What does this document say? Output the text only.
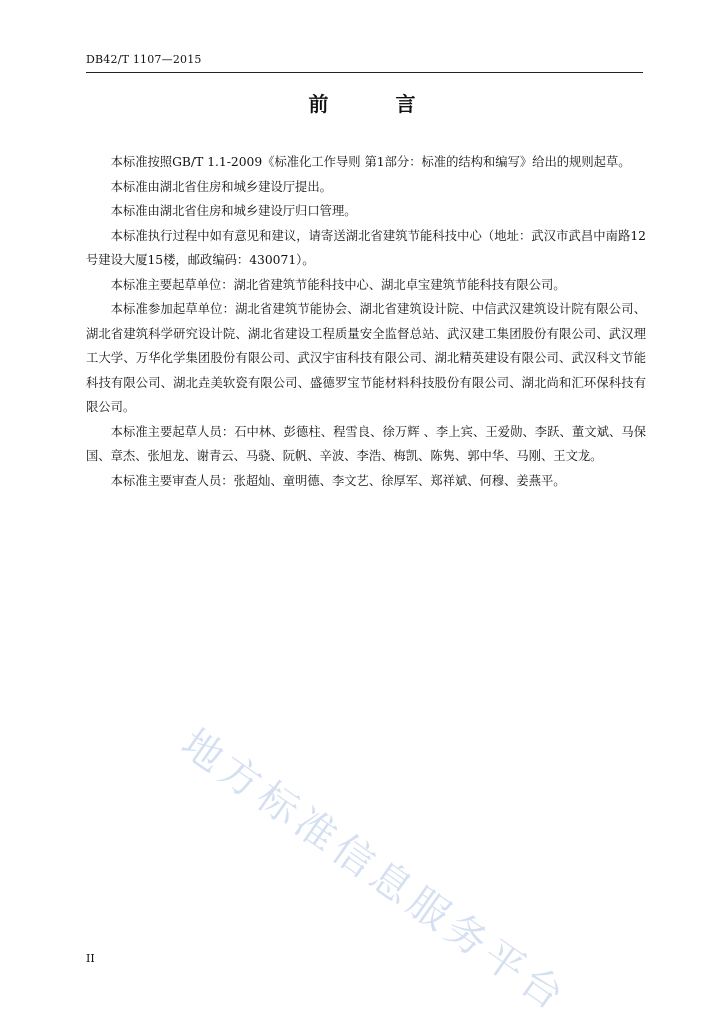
DB42/T 1107—2015
前 言

本标准按照GB/T 1.1-2009《标准化工作导则 第1部分：标准的结构和编写》给出的规则起草。

本标准由湖北省住房和城乡建设厅提出。

本标准由湖北省住房和城乡建设厅归口管理。

本标准执行过程中如有意见和建议，请寄送湖北省建筑节能科技中心（地址：武汉市武昌中南路12号建设大厦15楼，邮政编码：430071）。

本标准主要起草单位：湖北省建筑节能科技中心、湖北卓宝建筑节能科技有限公司。

本标准参加起草单位：湖北省建筑节能协会、湖北省建筑设计院、中信武汉建筑设计院有限公司、湖北省建筑科学研究设计院、湖北省建设工程质量安全监督总站、武汉建工集团股份有限公司、武汉理工大学、万华化学集团股份有限公司、武汉宇宙科技有限公司、湖北精英建设有限公司、武汉科文节能科技有限公司、湖北垚美软瓷有限公司、盛德罗宝节能材料科技股份有限公司、湖北尚和汇环保科技有限公司。

本标准主要起草人员：石中林、彭德柱、程雪良、徐万辉 、李上宾、王爱勋、李跃、董文斌、马保国、章杰、张旭龙、谢青云、马骁、阮帆、辛波、李浩、梅凯、陈隽、郭中华、马刚、王文龙。

本标准主要审查人员：张超灿、童明德、李文艺、徐厚军、郑祥斌、何穆、姜燕平。

地方标准信息服务平台
II
